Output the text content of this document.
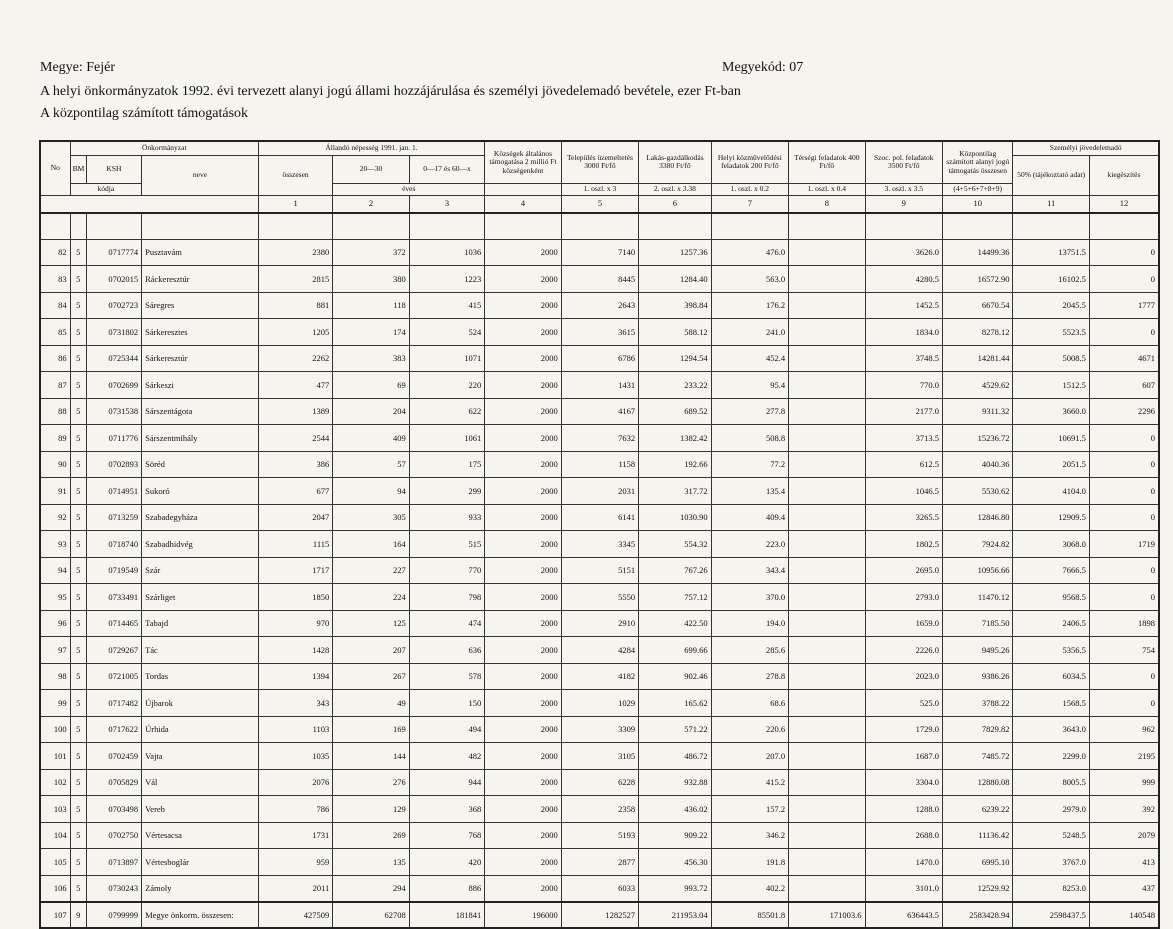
Megye: Fejér	Megyekód: 07
A helyi önkormányzatok 1992. évi tervezett alanyi jogú állami hozzájárulása és személyi jövedelemadó bevétele, ezer Ft-ban
A központilag számított támogatások
No	Önkormányzat			Állandó népesség 1991. jan. 1.			Községek általános támogatása 2 millió Ft községenként	Település üzemeltetés 3000 Ft/fő	Lakás-gazdálkodás 3380 Ft/fő	Helyi közművelődési feladatok 200 Ft/fő	Térségi feladatok 400 Ft/fő	Szoc. pol. feladatok 3500 Ft/fő	Központilag számított alanyi jogú támogatás összesen	Személyi jövedelemadó	
	BM	KSH	neve	összesen	20—30	0—17 és 60—x								50% (tájékoztató adat)	kiegészítés
	kódja				éves			1. oszl. x 3	2. oszl. x 3.38	1. oszl. x 0.2	1. oszl. x 0.4	3. oszl. x 3.5	(4+5+6+7+8+9)		
				1	2	3	4	5	6	7	8	9	10	11	12

82	5	0717774	Pusztavám	2380	372	1036	2000	7140	1257.36	476.0		3626.0	14499.36	13751.5	0
83	5	0702015	Ráckeresztúr	2815	380	1223	2000	8445	1284.40	563.0		4280.5	16572.90	16102.5	0
84	5	0702723	Sáregres	881	118	415	2000	2643	398.84	176.2		1452.5	6670.54	2045.5	1777
85	5	0731802	Sárkeresztes	1205	174	524	2000	3615	588.12	241.0		1834.0	8278.12	5523.5	0
86	5	0725344	Sárkeresztúr	2262	383	1071	2000	6786	1294.54	452.4		3748.5	14281.44	5008.5	4671
87	5	0702699	Sárkeszi	477	69	220	2000	1431	233.22	95.4		770.0	4529.62	1512.5	607
88	5	0731538	Sárszentágota	1389	204	622	2000	4167	689.52	277.8		2177.0	9311.32	3660.0	2296
89	5	0711776	Sárszentmihály	2544	409	1061	2000	7632	1382.42	508.8		3713.5	15236.72	10691.5	0
90	5	0702893	Söréd	386	57	175	2000	1158	192.66	77.2		612.5	4040.36	2051.5	0
91	5	0714951	Sukoró	677	94	299	2000	2031	317.72	135.4		1046.5	5530.62	4104.0	0
92	5	0713259	Szabadegyháza	2047	305	933	2000	6141	1030.90	409.4		3265.5	12846.80	12909.5	0
93	5	0718740	Szabadhidvég	1115	164	515	2000	3345	554.32	223.0		1802.5	7924.82	3068.0	1719
94	5	0719549	Szár	1717	227	770	2000	5151	767.26	343.4		2695.0	10956.66	7666.5	0
95	5	0733491	Szárliget	1850	224	798	2000	5550	757.12	370.0		2793.0	11470.12	9568.5	0
96	5	0714465	Tabajd	970	125	474	2000	2910	422.50	194.0		1659.0	7185.50	2406.5	1898
97	5	0729267	Tác	1428	207	636	2000	4284	699.66	285.6		2226.0	9495.26	5356.5	754
98	5	0721005	Tordas	1394	267	578	2000	4182	902.46	278.8		2023.0	9386.26	6034.5	0
99	5	0717482	Újbarok	343	49	150	2000	1029	165.62	68.6		525.0	3788.22	1568.5	0
100	5	0717622	Úrhida	1103	169	494	2000	3309	571.22	220.6		1729.0	7829.82	3643.0	962
101	5	0702459	Vajta	1035	144	482	2000	3105	486.72	207.0		1687.0	7485.72	2299.0	2195
102	5	0705829	Vál	2076	276	944	2000	6228	932.88	415.2		3304.0	12880.08	8005.5	999
103	5	0703498	Vereb	786	129	368	2000	2358	436.02	157.2		1288.0	6239.22	2979.0	392
104	5	0702750	Vértesacsa	1731	269	768	2000	5193	909.22	346.2		2688.0	11136.42	5248.5	2079
105	5	0713897	Vértesboglár	959	135	420	2000	2877	456.30	191.8		1470.0	6995.10	3767.0	413
106	5	0730243	Zámoly	2011	294	886	2000	6033	993.72	402.2		3101.0	12529.92	8253.0	437
107	9	0799999	Megye önkorm. összesen:	427509	62708	181841	196000	1282527	211953.04	85501.8	171003.6	636443.5	2583428.94	2598437.5	140548
